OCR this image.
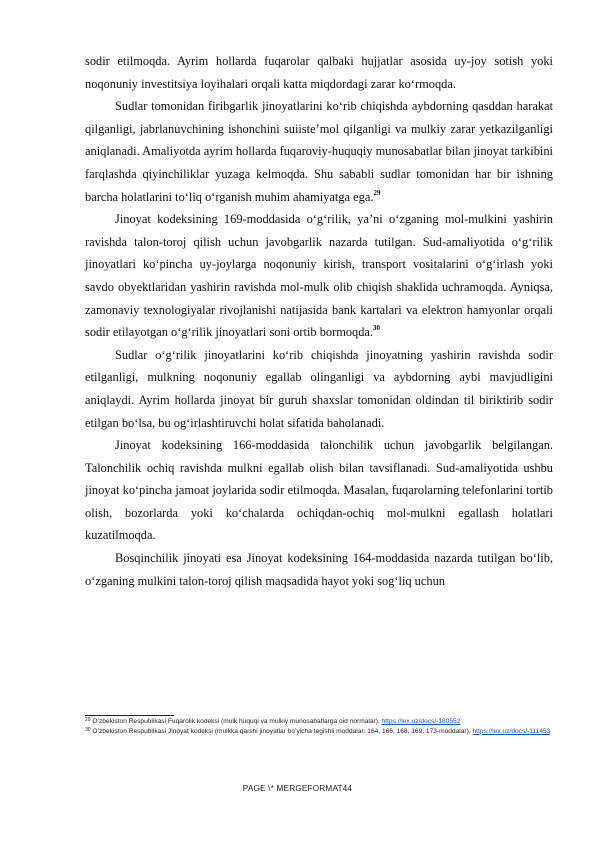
sodir etilmoqda. Ayrim hollarda fuqarolar qalbaki hujjatlar asosida uy-joy sotish yoki noqonuniy investitsiya loyihalari orqali katta miqdordagi zarar koʻrmoqda.

Sudlar tomonidan firibgarlik jinoyatlarini koʻrib chiqishda aybdorning qasddan harakat qilganligi, jabrlanuvchining ishonchini suiisteʼmol qilganligi va mulkiy zarar yetkazilganligi aniqlanadi. Amaliyotda ayrim hollarda fuqaroviy-huquqiy munosabatlar bilan jinoyat tarkibini farqlashda qiyinchiliklar yuzaga kelmoqda. Shu sababli sudlar tomonidan har bir ishning barcha holatlarini toʻliq oʻrganish muhim ahamiyatga ega.$^{29}$

Jinoyat kodeksining 169-moddasida oʻgʻrilik, yaʼni oʻzganing mol-mulkini yashirin ravishda talon-toroj qilish uchun javobgarlik nazarda tutilgan. Sud-amaliyotida oʻgʻrilik jinoyatlari koʻpincha uy-joylarga noqonuniy kirish, transport vositalarini oʻg‘irlash yoki savdo obyektlaridan yashirin ravishda mol-mulk olib chiqish shaklida uchramoqda. Ayniqsa, zamonaviy texnologiyalar rivojlanishi natijasida bank kartalari va elektron hamyonlar orqali sodir etilayotgan oʻgʻrilik jinoyatlari soni ortib bormoqda.$^{30}$

Sudlar oʻgʻrilik jinoyatlarini koʻrib chiqishda jinoyatning yashirin ravishda sodir etilganligi, mulkning noqonuniy egallab olinganligi va aybdorning aybi mavjudligini aniqlaydi. Ayrim hollarda jinoyat bir guruh shaxslar tomonidan oldindan til biriktirib sodir etilgan boʻlsa, bu ogʻirlashtiruvchi holat sifatida baholanadi.

Jinoyat kodeksining 166-moddasida talonchilik uchun javobgarlik belgilangan. Talonchilik ochiq ravishda mulkni egallab olish bilan tavsiflanadi. Sud-amaliyotida ushbu jinoyat koʻpincha jamoat joylarida sodir etilmoqda. Masalan, fuqarolarning telefonlarini tortib olish, bozorlarda yoki koʻchalarda ochiqdan-ochiq mol-mulkni egallash holatlari kuzatilmoqda.

Bosqinchilik jinoyati esa Jinoyat kodeksining 164-moddasida nazarda tutilgan boʻlib, oʻzganing mulkini talon-toroj qilish maqsadida hayot yoki sogʻliq uchun

$^{29}$ Oʻzbekiston Respublikasi Fuqarolik kodeksi (mulk huquqi va mulkiy munosabatlarga oid normalar). https://lex.uz/docs/-180552

$^{30}$ Oʻzbekiston Respublikasi Jinoyat kodeksi (mulkka qarshi jinoyatlar boʻyicha tegishli moddalar: 164, 166, 168, 169, 173-moddalar). https://lex.uz/docs/-111453

PAGE \* MERGEFORMAT44
